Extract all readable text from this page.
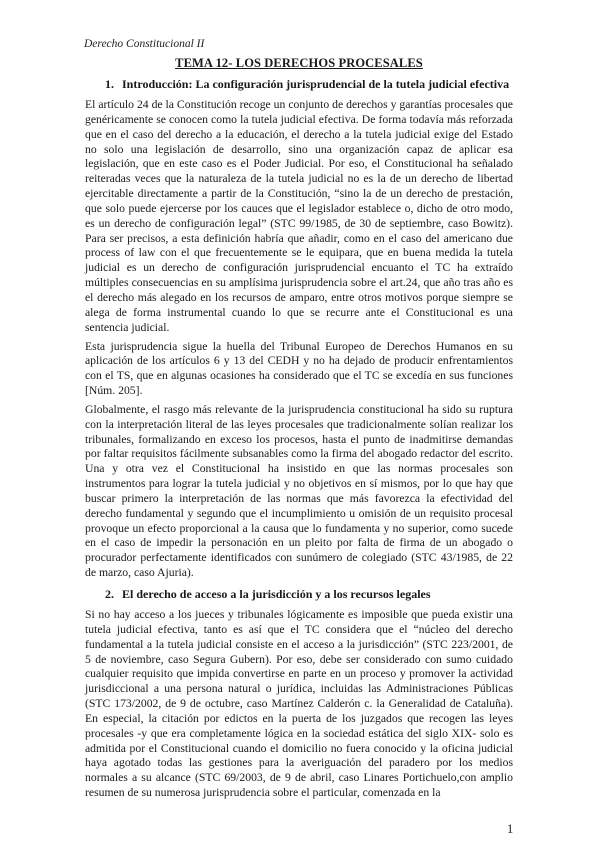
Derecho Constitucional II
TEMA 12- LOS DERECHOS PROCESALES
1. Introducción: La configuración jurisprudencial de la tutela judicial efectiva

El artículo 24 de la Constitución recoge un conjunto de derechos y garantías procesales que genéricamente se conocen como la tutela judicial efectiva. De forma todavía más reforzada que en el caso del derecho a la educación, el derecho a la tutela judicial exige del Estado no solo una legislación de desarrollo, sino una organización capaz de aplicar esa legislación, que en este caso es el Poder Judicial. Por eso, el Constitucional ha señalado reiteradas veces que la naturaleza de la tutela judicial no es la de un derecho de libertad ejercitable directamente a partir de la Constitución, “sino la de un derecho de prestación, que solo puede ejercerse por los cauces que el legislador establece o, dicho de otro modo, es un derecho de configuración legal” (STC 99/1985, de 30 de septiembre, caso Bowitz). Para ser precisos, a esta definición habría que añadir, como en el caso del americano due process of law con el que frecuentemente se le equipara, que en buena medida la tutela judicial es un derecho de configuración jurisprudencial encuanto el TC ha extraído múltiples consecuencias en su amplísima jurisprudencia sobre el art.24, que año tras año es el derecho más alegado en los recursos de amparo, entre otros motivos porque siempre se alega de forma instrumental cuando lo que se recurre ante el Constitucional es una sentencia judicial.

Esta jurisprudencia sigue la huella del Tribunal Europeo de Derechos Humanos en su aplicación de los artículos 6 y 13 del CEDH y no ha dejado de producir enfrentamientos con el TS, que en algunas ocasiones ha considerado que el TC se excedía en sus funciones [Núm. 205].

Globalmente, el rasgo más relevante de la jurisprudencia constitucional ha sido su ruptura con la interpretación literal de las leyes procesales que tradicionalmente solían realizar los tribunales, formalizando en exceso los procesos, hasta el punto de inadmitirse demandas por faltar requisitos fácilmente subsanables como la firma del abogado redactor del escrito. Una y otra vez el Constitucional ha insistido en que las normas procesales son instrumentos para lograr la tutela judicial y no objetivos en sí mismos, por lo que hay que buscar primero la interpretación de las normas que más favorezca la efectividad del derecho fundamental y segundo que el incumplimiento u omisión de un requisito procesal provoque un efecto proporcional a la causa que lo fundamenta y no superior, como sucede en el caso de impedir la personación en un pleito por falta de firma de un abogado o procurador perfectamente identificados con sunúmero de colegiado (STC 43/1985, de 22 de marzo, caso Ajuria).

2. El derecho de acceso a la jurisdicción y a los recursos legales

Si no hay acceso a los jueces y tribunales lógicamente es imposible que pueda existir una tutela judicial efectiva, tanto es así que el TC considera que el “núcleo del derecho fundamental a la tutela judicial consiste en el acceso a la jurisdicción” (STC 223/2001, de 5 de noviembre, caso Segura Gubern). Por eso, debe ser considerado con sumo cuidado cualquier requisito que impida convertirse en parte en un proceso y promover la actividad jurisdiccional a una persona natural o jurídica, incluidas las Administraciones Públicas (STC 173/2002, de 9 de octubre, caso Martínez Calderón c. la Generalidad de Cataluña). En especial, la citación por edictos en la puerta de los juzgados que recogen las leyes procesales -y que era completamente lógica en la sociedad estática del siglo XIX- solo es admitida por el Constitucional cuando el domicilio no fuera conocido y la oficina judicial haya agotado todas las gestiones para la averiguación del paradero por los medios normales a su alcance (STC 69/2003, de 9 de abril, caso Linares Portichuelo,con amplio resumen de su numerosa jurisprudencia sobre el particular, comenzada en la

1
